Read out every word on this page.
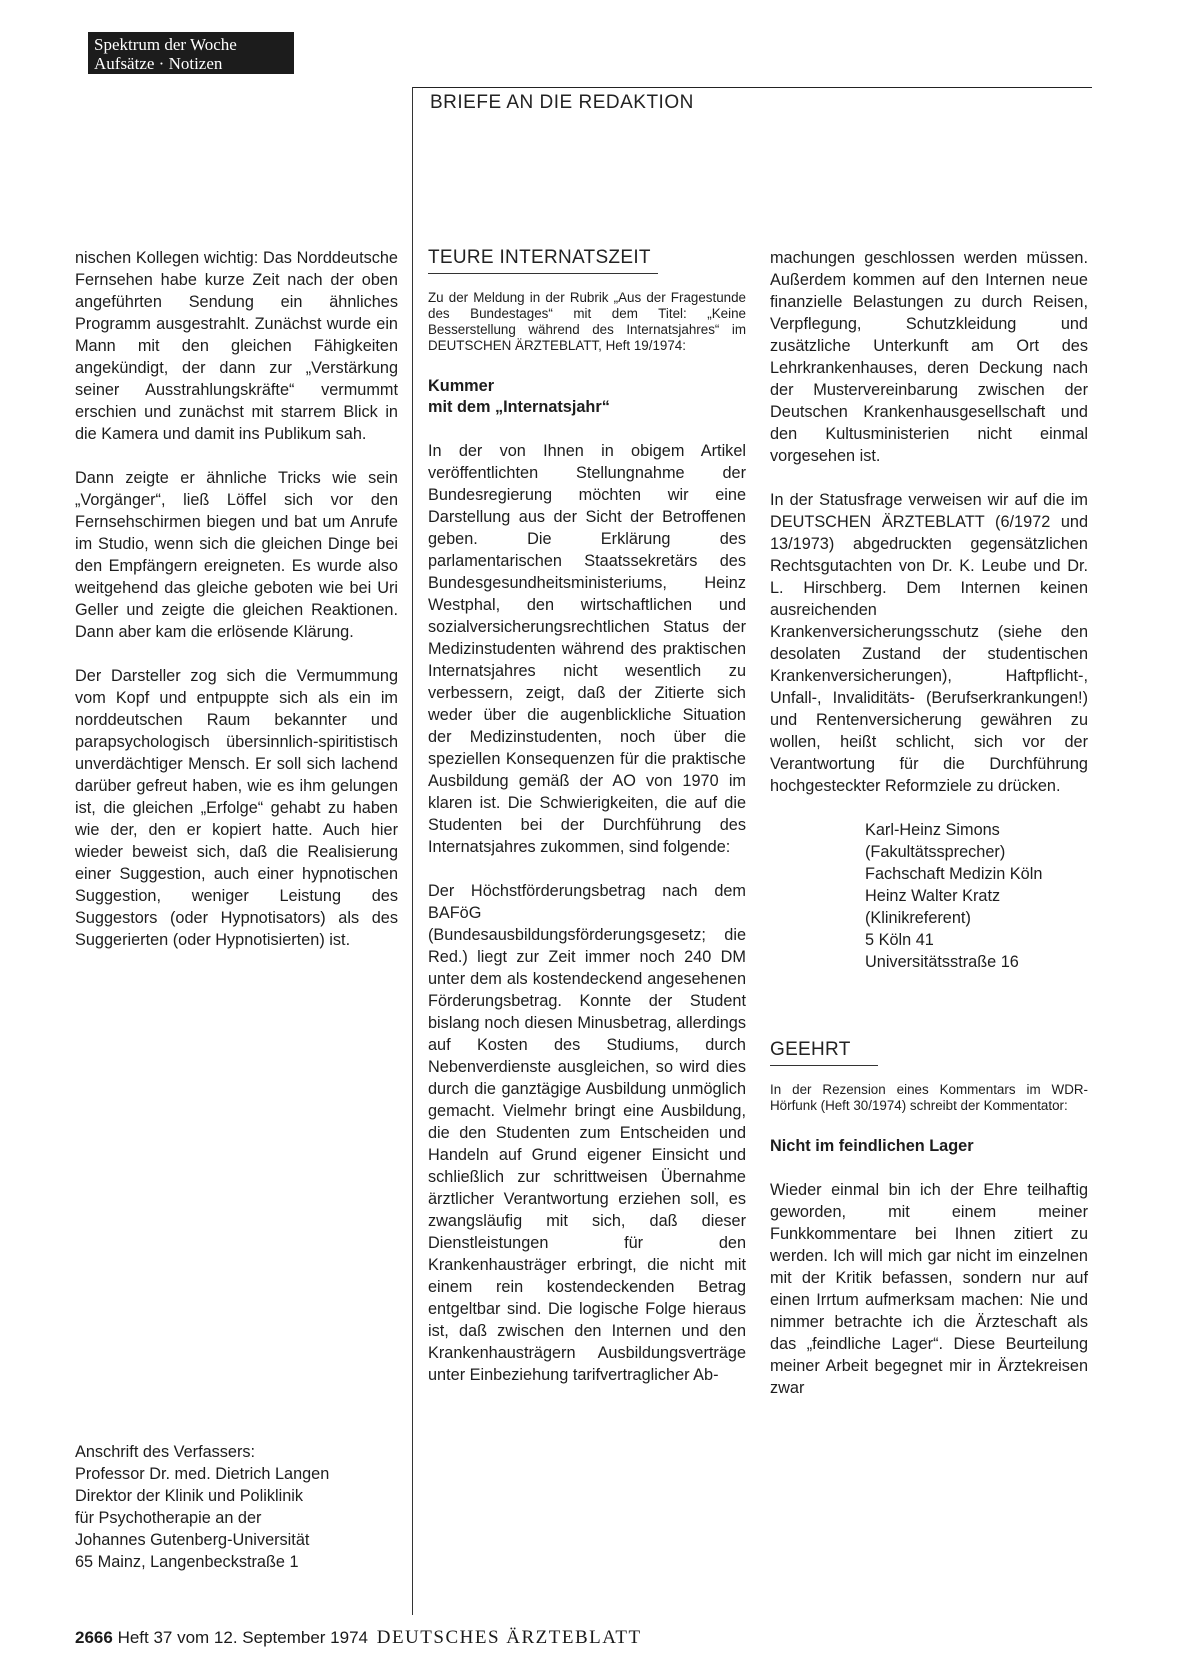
Spektrum der Woche
Aufsätze · Notizen
BRIEFE AN DIE REDAKTION

nischen Kollegen wichtig: Das Norddeutsche Fernsehen habe kurze Zeit nach der oben angeführten Sendung ein ähnliches Programm ausgestrahlt. Zunächst wurde ein Mann mit den gleichen Fähigkeiten angekündigt, der dann zur „Verstärkung seiner Ausstrahlungskräfte“ vermummt erschien und zunächst mit starrem Blick in die Kamera und damit ins Publikum sah.

Dann zeigte er ähnliche Tricks wie sein „Vorgänger“, ließ Löffel sich vor den Fernsehschirmen biegen und bat um Anrufe im Studio, wenn sich die gleichen Dinge bei den Empfängern ereigneten. Es wurde also weitgehend das gleiche geboten wie bei Uri Geller und zeigte die gleichen Reaktionen. Dann aber kam die erlösende Klärung.

Der Darsteller zog sich die Vermummung vom Kopf und entpuppte sich als ein im norddeutschen Raum bekannter und parapsychologisch übersinnlich-spiritistisch unverdächtiger Mensch. Er soll sich lachend darüber gefreut haben, wie es ihm gelungen ist, die gleichen „Erfolge“ gehabt zu haben wie der, den er kopiert hatte. Auch hier wieder beweist sich, daß die Realisierung einer Suggestion, auch einer hypnotischen Suggestion, weniger Leistung des Suggestors (oder Hypnotisators) als des Suggerierten (oder Hypnotisierten) ist.

Anschrift des Verfassers:
Professor Dr. med. Dietrich Langen
Direktor der Klinik und Poliklinik
für Psychotherapie an der
Johannes Gutenberg-Universität
65 Mainz, Langenbeckstraße 1

TEURE INTERNATSZEIT

Zu der Meldung in der Rubrik „Aus der Fragestunde des Bundestages“ mit dem Titel: „Keine Besserstellung während des Internatsjahres“ im DEUTSCHEN ÄRZTEBLATT, Heft 19/1974:

Kummer
mit dem „Internatsjahr“

In der von Ihnen in obigem Artikel veröffentlichten Stellungnahme der Bundesregierung möchten wir eine Darstellung aus der Sicht der Betroffenen geben. Die Erklärung des parlamentarischen Staatssekretärs des Bundesgesundheitsministeriums, Heinz Westphal, den wirtschaftlichen und sozialversicherungsrechtlichen Status der Medizinstudenten während des praktischen Internatsjahres nicht wesentlich zu verbessern, zeigt, daß der Zitierte sich weder über die augenblickliche Situation der Medizinstudenten, noch über die speziellen Konsequenzen für die praktische Ausbildung gemäß der AO von 1970 im klaren ist. Die Schwierigkeiten, die auf die Studenten bei der Durchführung des Internatsjahres zukommen, sind folgende:

Der Höchstförderungsbetrag nach dem BAFöG (Bundesausbildungsförderungsgesetz; die Red.) liegt zur Zeit immer noch 240 DM unter dem als kostendeckend angesehenen Förderungsbetrag. Konnte der Student bislang noch diesen Minusbetrag, allerdings auf Kosten des Studiums, durch Nebenverdienste ausgleichen, so wird dies durch die ganztägige Ausbildung unmöglich gemacht. Vielmehr bringt eine Ausbildung, die den Studenten zum Entscheiden und Handeln auf Grund eigener Einsicht und schließlich zur schrittweisen Übernahme ärztlicher Verantwortung erziehen soll, es zwangsläufig mit sich, daß dieser Dienstleistungen für den Krankenhausträger erbringt, die nicht mit einem rein kostendeckenden Betrag entgeltbar sind. Die logische Folge hieraus ist, daß zwischen den Internen und den Krankenhausträgern Ausbildungsverträge unter Einbeziehung tarifvertraglicher Ab-

machungen geschlossen werden müssen. Außerdem kommen auf den Internen neue finanzielle Belastungen zu durch Reisen, Verpflegung, Schutzkleidung und zusätzliche Unterkunft am Ort des Lehrkrankenhauses, deren Deckung nach der Mustervereinbarung zwischen der Deutschen Krankenhausgesellschaft und den Kultusministerien nicht einmal vorgesehen ist.

In der Statusfrage verweisen wir auf die im DEUTSCHEN ÄRZTEBLATT (6/1972 und 13/1973) abgedruckten gegensätzlichen Rechtsgutachten von Dr. K. Leube und Dr. L. Hirschberg. Dem Internen keinen ausreichenden Krankenversicherungsschutz (siehe den desolaten Zustand der studentischen Krankenversicherungen), Haftpflicht-, Unfall-, Invaliditäts- (Berufserkrankungen!) und Rentenversicherung gewähren zu wollen, heißt schlicht, sich vor der Verantwortung für die Durchführung hochgesteckter Reformziele zu drücken.

Karl-Heinz Simons
(Fakultätssprecher)
Fachschaft Medizin Köln
Heinz Walter Kratz
(Klinikreferent)
5 Köln 41
Universitätsstraße 16

GEEHRT

In der Rezension eines Kommentars im WDR-Hörfunk (Heft 30/1974) schreibt der Kommentator:

Nicht im feindlichen Lager

Wieder einmal bin ich der Ehre teilhaftig geworden, mit einem meiner Funkkommentare bei Ihnen zitiert zu werden. Ich will mich gar nicht im einzelnen mit der Kritik befassen, sondern nur auf einen Irrtum aufmerksam machen: Nie und nimmer betrachte ich die Ärzteschaft als das „feindliche Lager“. Diese Beurteilung meiner Arbeit begegnet mir in Ärztekreisen zwar

2666 Heft 37 vom 12. September 1974 DEUTSCHES ÄRZTEBLATT
